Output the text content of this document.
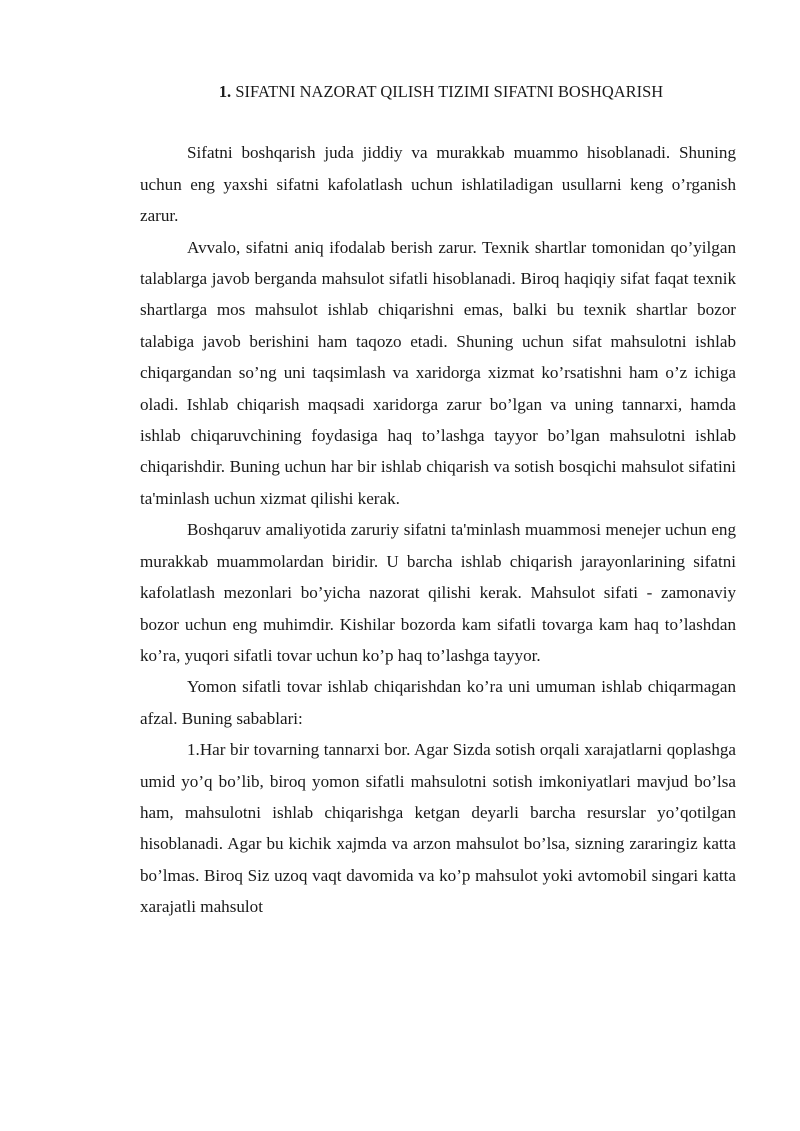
1. SIFATNI NAZORAT QILISH TIZIMI SIFATNI BOSHQARISH

Sifatni boshqarish juda jiddiy va murakkab muammo hisoblanadi. Shuning uchun eng yaxshi sifatni kafolatlash uchun ishlatiladigan usullarni keng o’rganish zarur.

Avvalo, sifatni aniq ifodalab berish zarur. Texnik shartlar tomonidan qo’yilgan talablarga javob berganda mahsulot sifatli hisoblanadi. Biroq haqiqiy sifat faqat texnik shartlarga mos mahsulot ishlab chiqarishni emas, balki bu texnik shartlar bozor talabiga javob berishini ham taqozo etadi. Shuning uchun sifat mahsulotni ishlab chiqargandan so’ng uni taqsimlash va xaridorga xizmat ko’rsatishni ham o’z ichiga oladi. Ishlab chiqarish maqsadi xaridorga zarur bo’lgan va uning tannarxi, hamda ishlab chiqaruvchining foydasiga haq to’lashga tayyor bo’lgan mahsulotni ishlab chiqarishdir. Buning uchun har bir ishlab chiqarish va sotish bosqichi mahsulot sifatini ta'minlash uchun xizmat qilishi kerak.

Boshqaruv amaliyotida zaruriy sifatni ta'minlash muammosi menejer uchun eng murakkab muammolardan biridir. U barcha ishlab chiqarish jarayonlarining sifatni kafolatlash mezonlari bo’yicha nazorat qilishi kerak. Mahsulot sifati - zamonaviy bozor uchun eng muhimdir. Kishilar bozorda kam sifatli tovarga kam haq to’lashdan ko’ra, yuqori sifatli tovar uchun ko’p haq to’lashga tayyor.

Yomon sifatli tovar ishlab chiqarishdan ko’ra uni umuman ishlab chiqarmagan afzal. Buning sabablari:

1.Har bir tovarning tannarxi bor. Agar Sizda sotish orqali xarajatlarni qoplashga umid yo’q bo’lib, biroq yomon sifatli mahsulotni sotish imkoniyatlari mavjud bo’lsa ham, mahsulotni ishlab chiqarishga ketgan deyarli barcha resurslar yo’qotilgan hisoblanadi. Agar bu kichik xajmda va arzon mahsulot bo’lsa, sizning zararingiz katta bo’lmas. Biroq Siz uzoq vaqt davomida va ko’p mahsulot yoki avtomobil singari katta xarajatli mahsulot
